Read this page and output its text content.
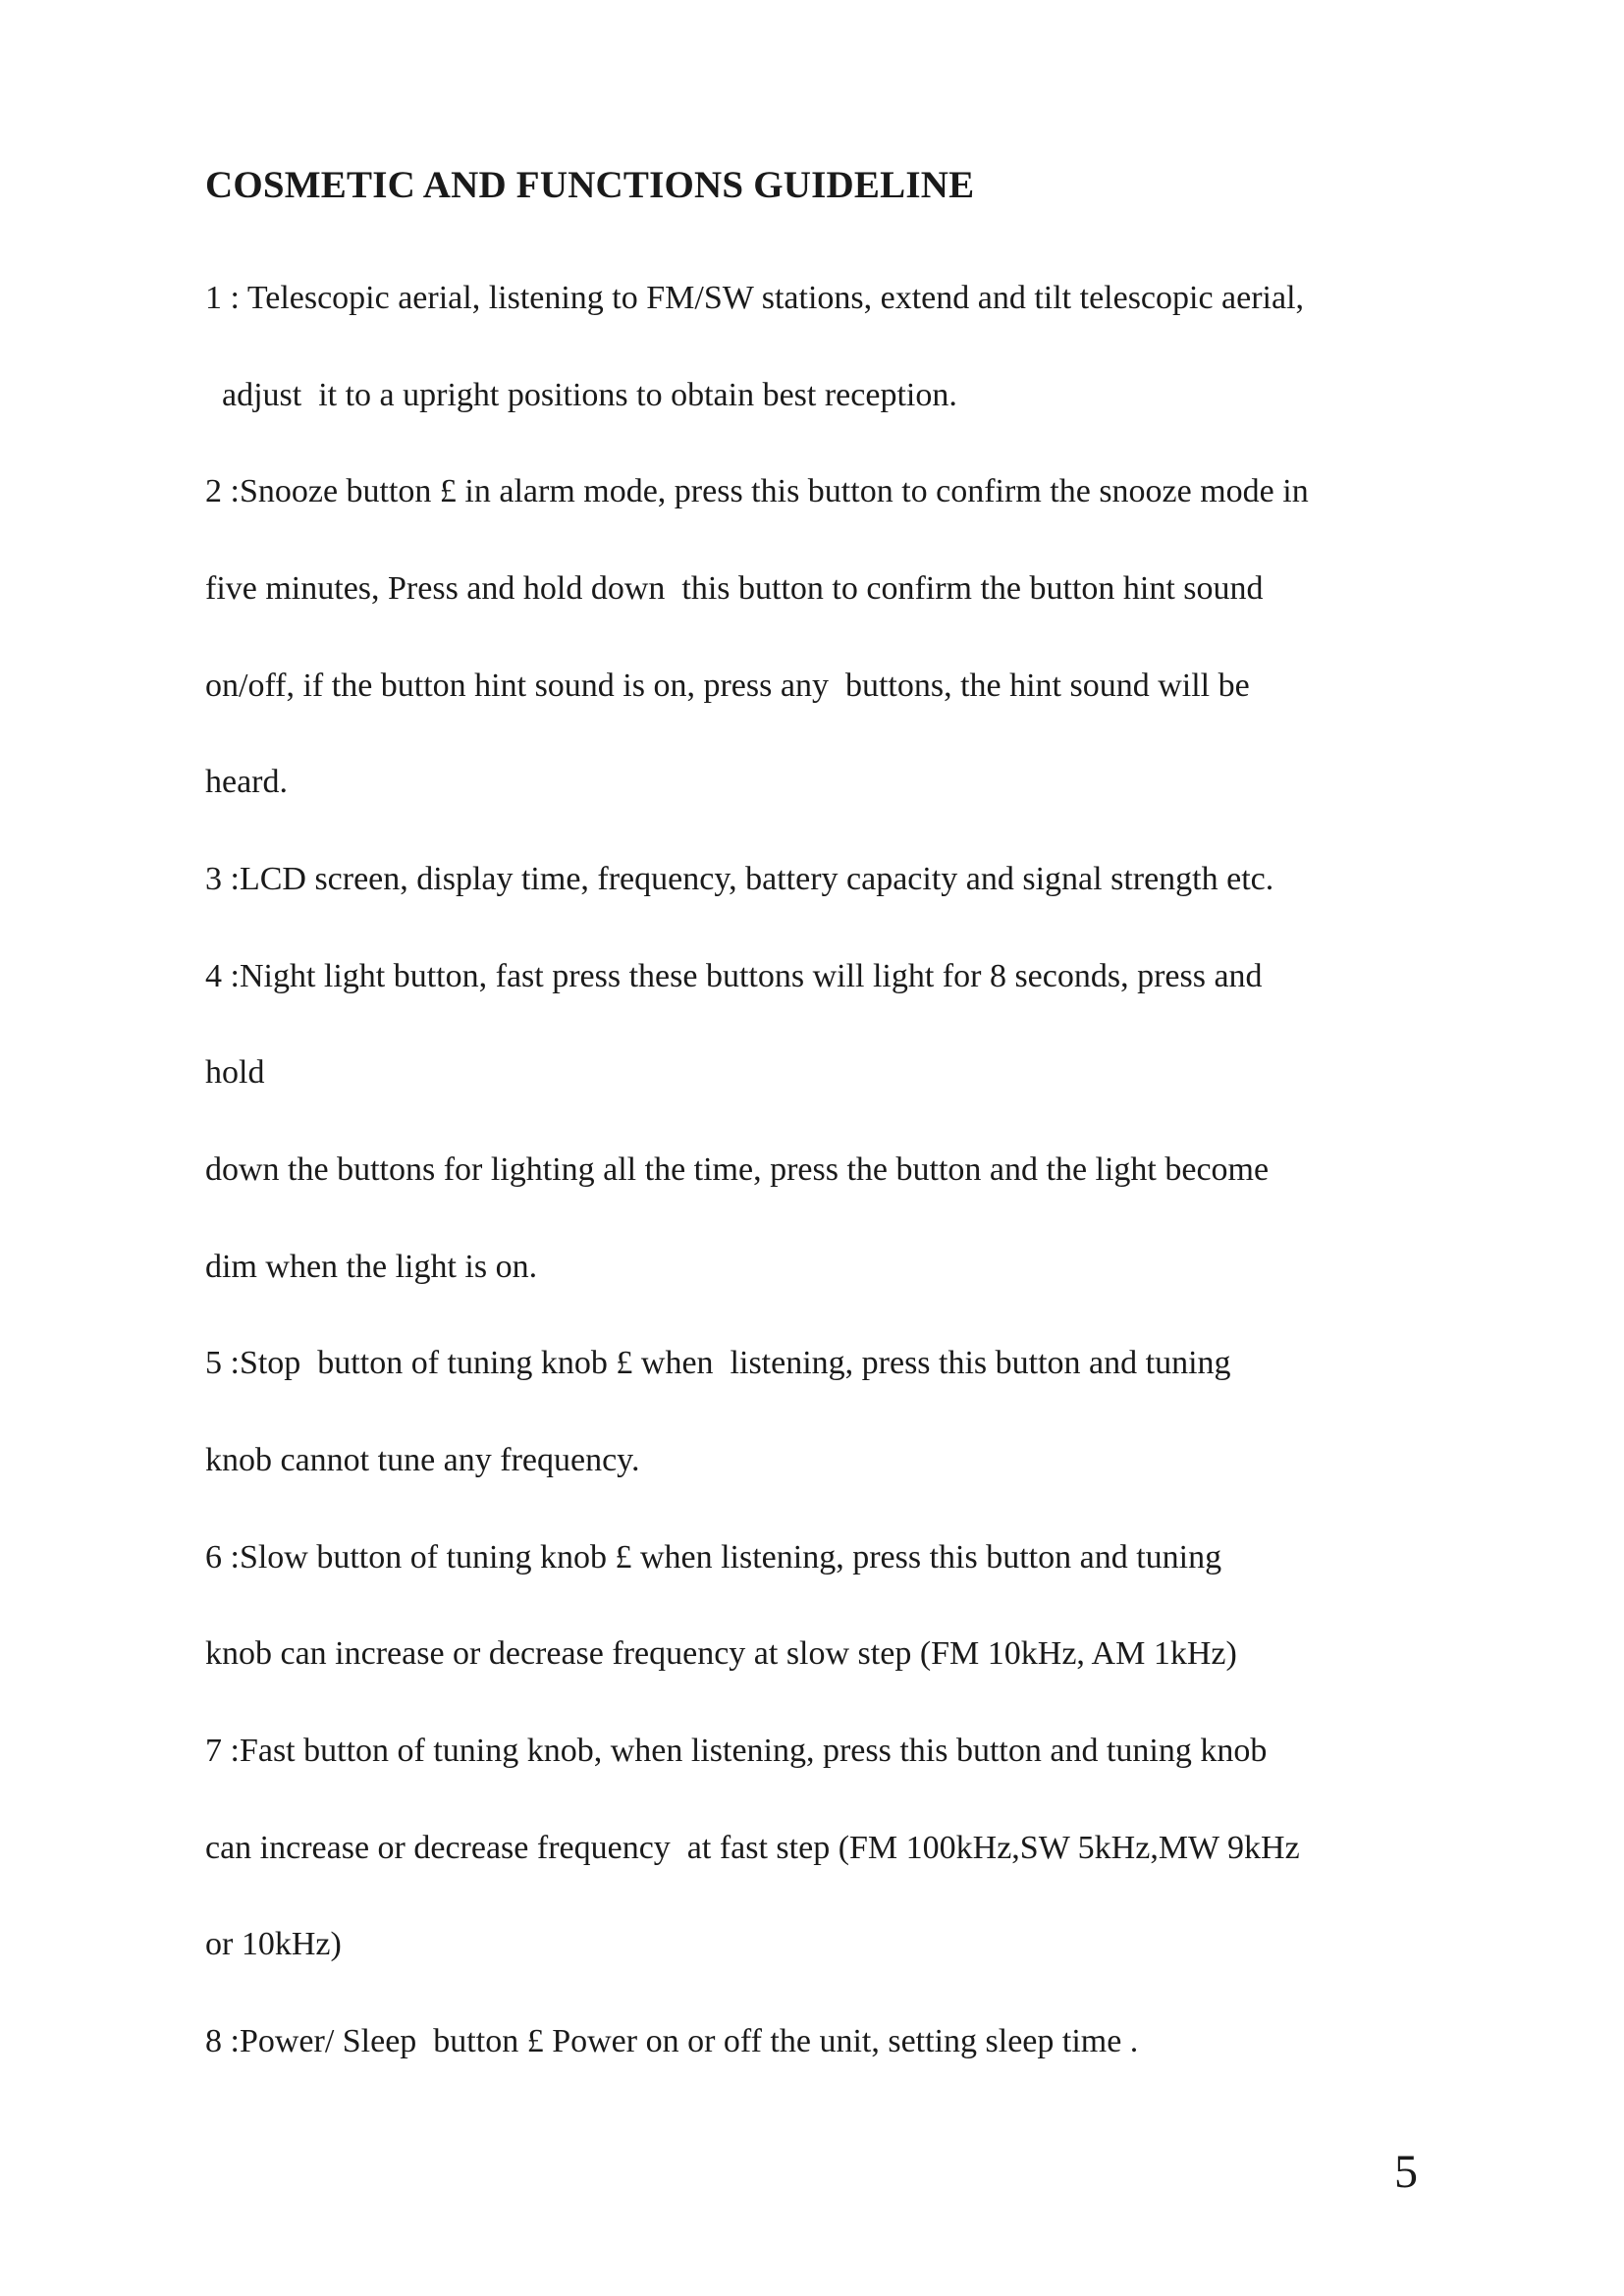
COSMETIC AND FUNCTIONS GUIDELINE
1 : Telescopic aerial, listening to FM/SW stations, extend and tilt telescopic aerial,
adjust  it to a upright positions to obtain best reception.
2 :Snooze button £ in alarm mode, press this button to confirm the snooze mode in
five minutes, Press and hold down  this button to confirm the button hint sound
on/off, if the button hint sound is on, press any  buttons, the hint sound will be
heard.
3 :LCD screen, display time, frequency, battery capacity and signal strength etc.
4 :Night light button, fast press these buttons will light for 8 seconds, press and
hold
down the buttons for lighting all the time, press the button and the light become
dim when the light is on.
5 :Stop  button of tuning knob £ when  listening, press this button and tuning
knob cannot tune any frequency.
6 :Slow button of tuning knob £ when listening, press this button and tuning
knob can increase or decrease frequency at slow step (FM 10kHz, AM 1kHz)
7 :Fast button of tuning knob, when listening, press this button and tuning knob
can increase or decrease frequency  at fast step (FM 100kHz,SW 5kHz,MW 9kHz
or 10kHz)
8 :Power/ Sleep  button £ Power on or off the unit, setting sleep time .
5
